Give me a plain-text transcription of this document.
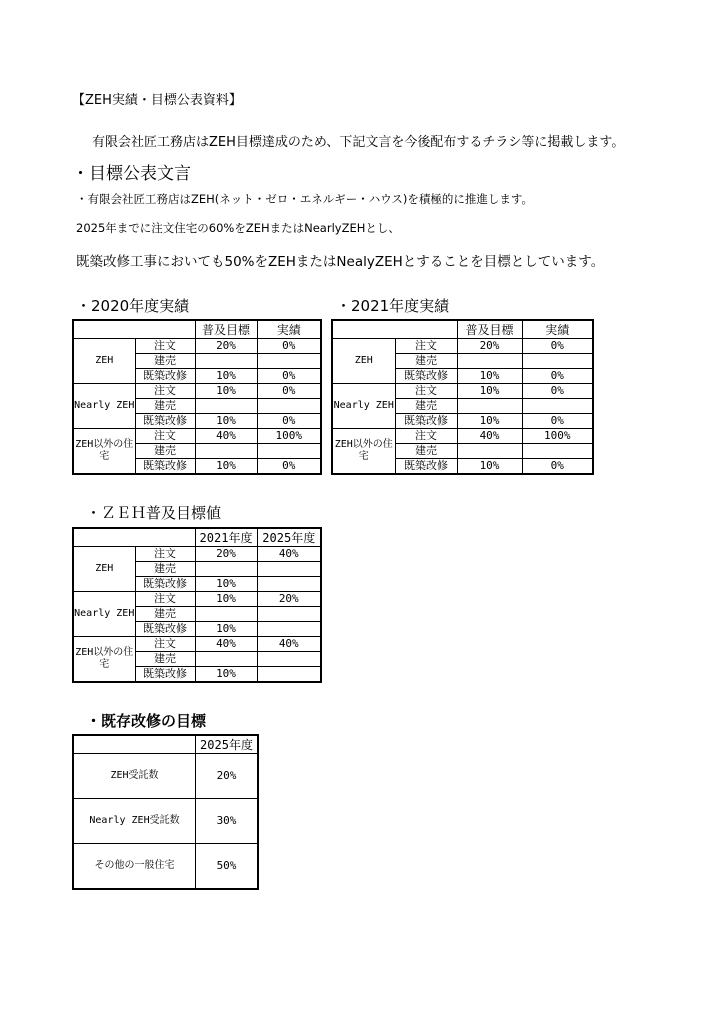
【ZEH実績・目標公表資料】
有限会社匠工務店はZEH目標達成のため、下記文言を今後配布するチラシ等に掲載します。
・目標公表文言
・有限会社匠工務店はZEH(ネット・ゼロ・エネルギー・ハウス)を積極的に推進します。
2025年までに注文住宅の60%をZEHまたはNearlyZEHとし、
既築改修工事においても50%をZEHまたはNealyZEHとすることを目標としています。
・2020年度実績	・2021年度実績
・ＺＥＨ普及目標値
・既存改修の目標
		普及目標	実績
ZEH	注文	20%	0%
	建売		
	既築改修	10%	0%
Nearly ZEH	注文	10%	0%
	建売		
	既築改修	10%	0%
ZEH以外の住宅	注文	40%	100%
	建売		
	既築改修	10%	0%
		普及目標	実績
ZEH	注文	20%	0%
	建売		
	既築改修	10%	0%
Nearly ZEH	注文	10%	0%
	建売		
	既築改修	10%	0%
ZEH以外の住宅	注文	40%	100%
	建売		
	既築改修	10%	0%
		2021年度	2025年度
ZEH	注文	20%	40%
	建売		
	既築改修	10%	
Nearly ZEH	注文	10%	20%
	建売		
	既築改修	10%	
ZEH以外の住宅	注文	40%	40%
	建売		
	既築改修	10%	
	2025年度
ZEH受託数	20%
Nearly ZEH受託数	30%
その他の一般住宅	50%
